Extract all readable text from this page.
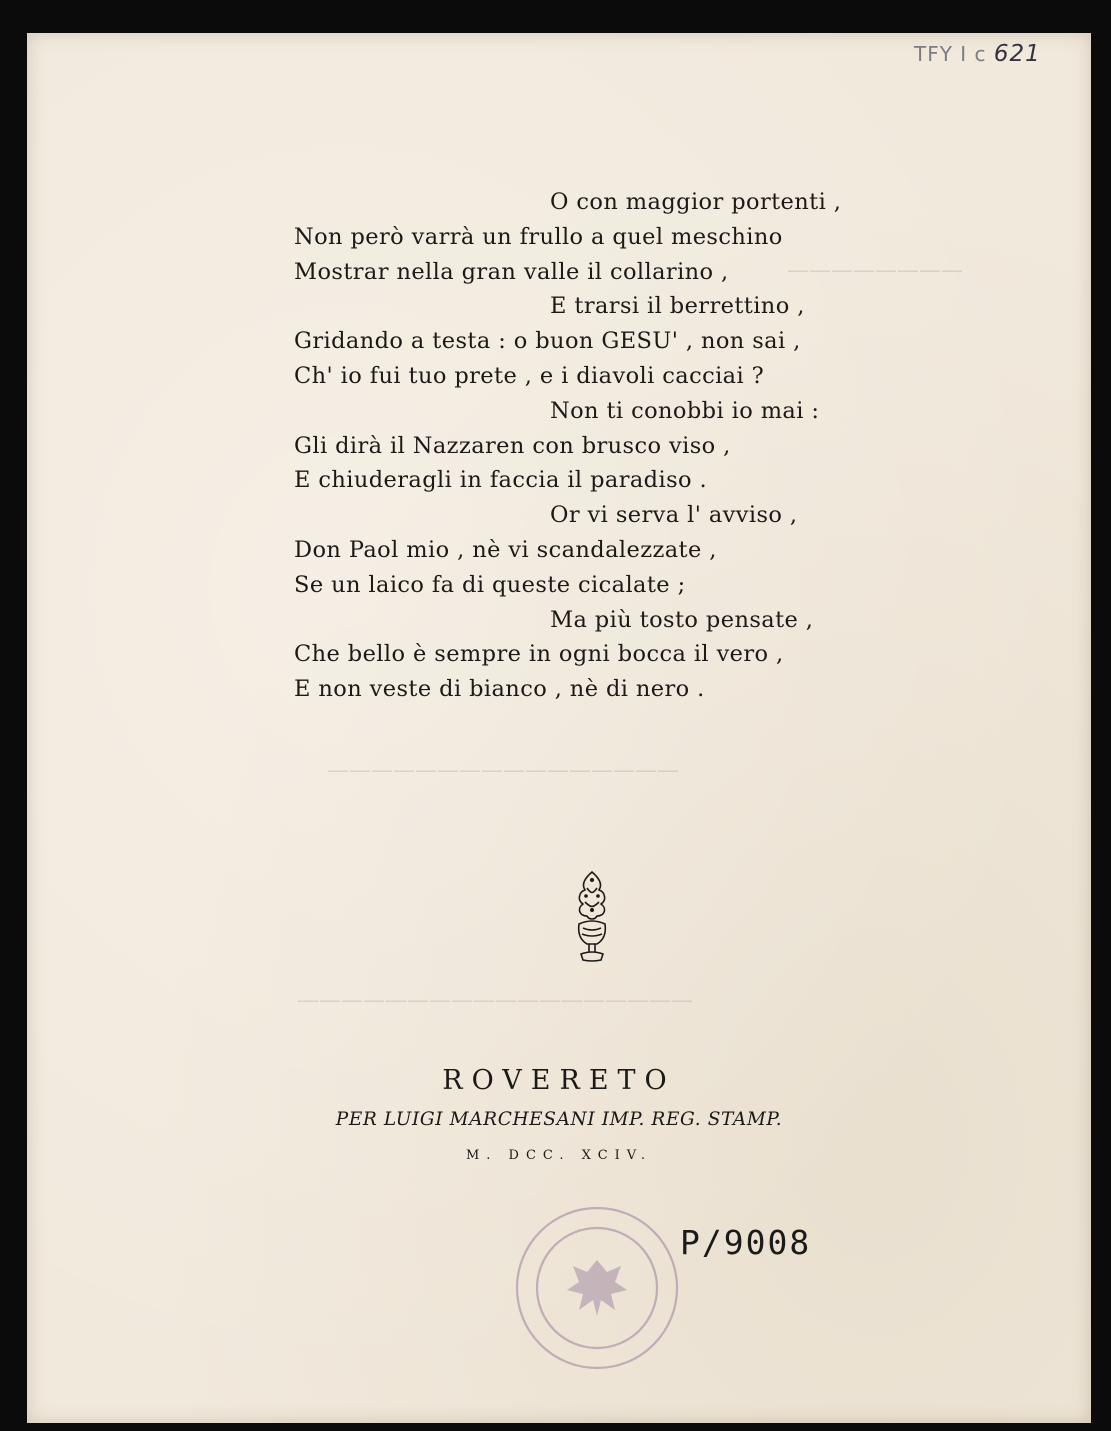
TFY I c 621
————————
————————————————
——————————————————
O con maggior portenti ,
Non però varrà un frullo a quel meschino
Mostrar nella gran valle il collarino ,
E trarsi il berrettino ,
Gridando a testa : o buon GESU' , non sai ,
Ch' io fui tuo prete , e i diavoli cacciai ?
Non ti conobbi io mai :
Gli dirà il Nazzaren con brusco viso ,
E chiuderagli in faccia il paradiso .
Or vi serva l' avviso ,
Don Paol mio , nè vi scandalezzate ,
Se un laico fa di queste cicalate ;
Ma più tosto pensate ,
Che bello è sempre in ogni bocca il vero ,
E non veste di bianco , nè di nero .
ROVERETO
PER LUIGI MARCHESANI IMP. REG. STAMP.
M. DCC. XCIV.
P/9008
